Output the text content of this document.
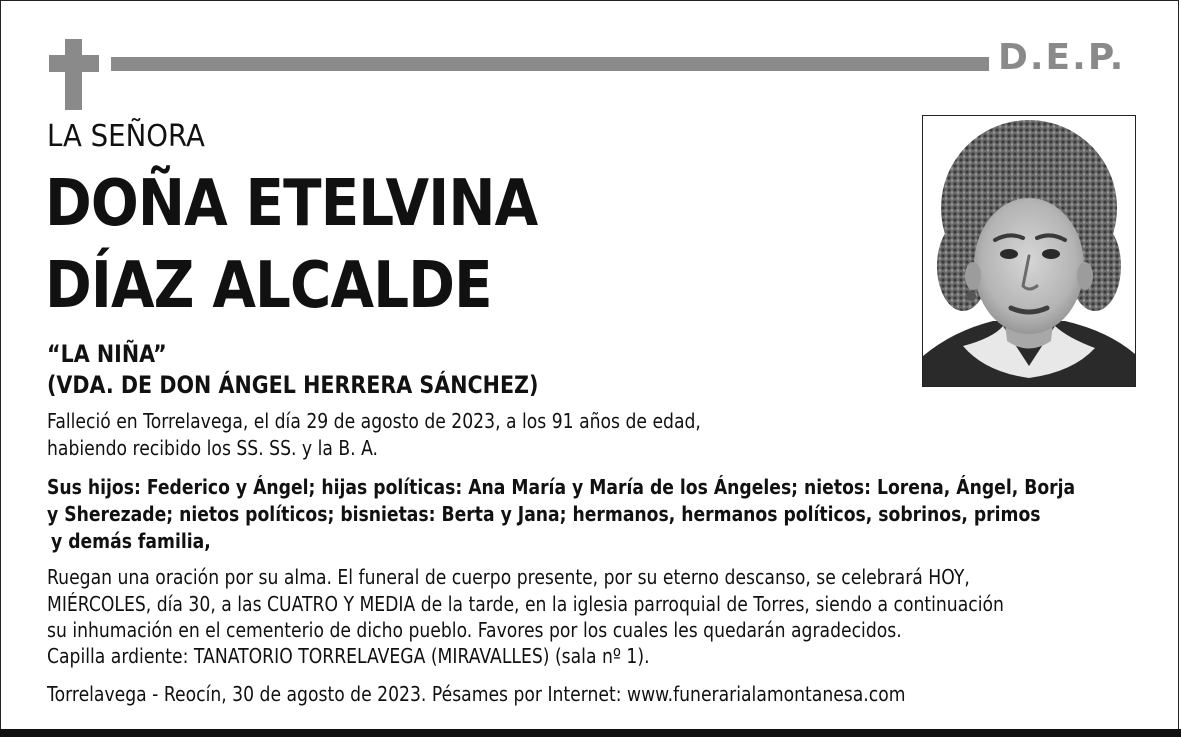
D.E.P.
LA SEÑORA
DOÑA ETELVINA
DÍAZ ALCALDE
“LA NIÑA”
(VDA. DE DON ÁNGEL HERRERA SÁNCHEZ)
Falleció en Torrelavega, el día 29 de agosto de 2023, a los 91 años de edad,
habiendo recibido los SS. SS. y la B. A.
Sus hijos: Federico y Ángel; hijas políticas: Ana María y María de los Ángeles; nietos: Lorena, Ángel, Borja
y Sherezade; nietos políticos; bisnietas: Berta y Jana; hermanos, hermanos políticos, sobrinos, primos
y demás familia,
Ruegan una oración por su alma. El funeral de cuerpo presente, por su eterno descanso, se celebrará HOY,
MIÉRCOLES, día 30, a las CUATRO Y MEDIA de la tarde, en la iglesia parroquial de Torres, siendo a continuación
su inhumación en el cementerio de dicho pueblo. Favores por los cuales les quedarán agradecidos.
Capilla ardiente: TANATORIO TORRELAVEGA (MIRAVALLES) (sala nº 1).
Torrelavega - Reocín, 30 de agosto de 2023. Pésames por Internet: www.funerarialamontanesa.com
